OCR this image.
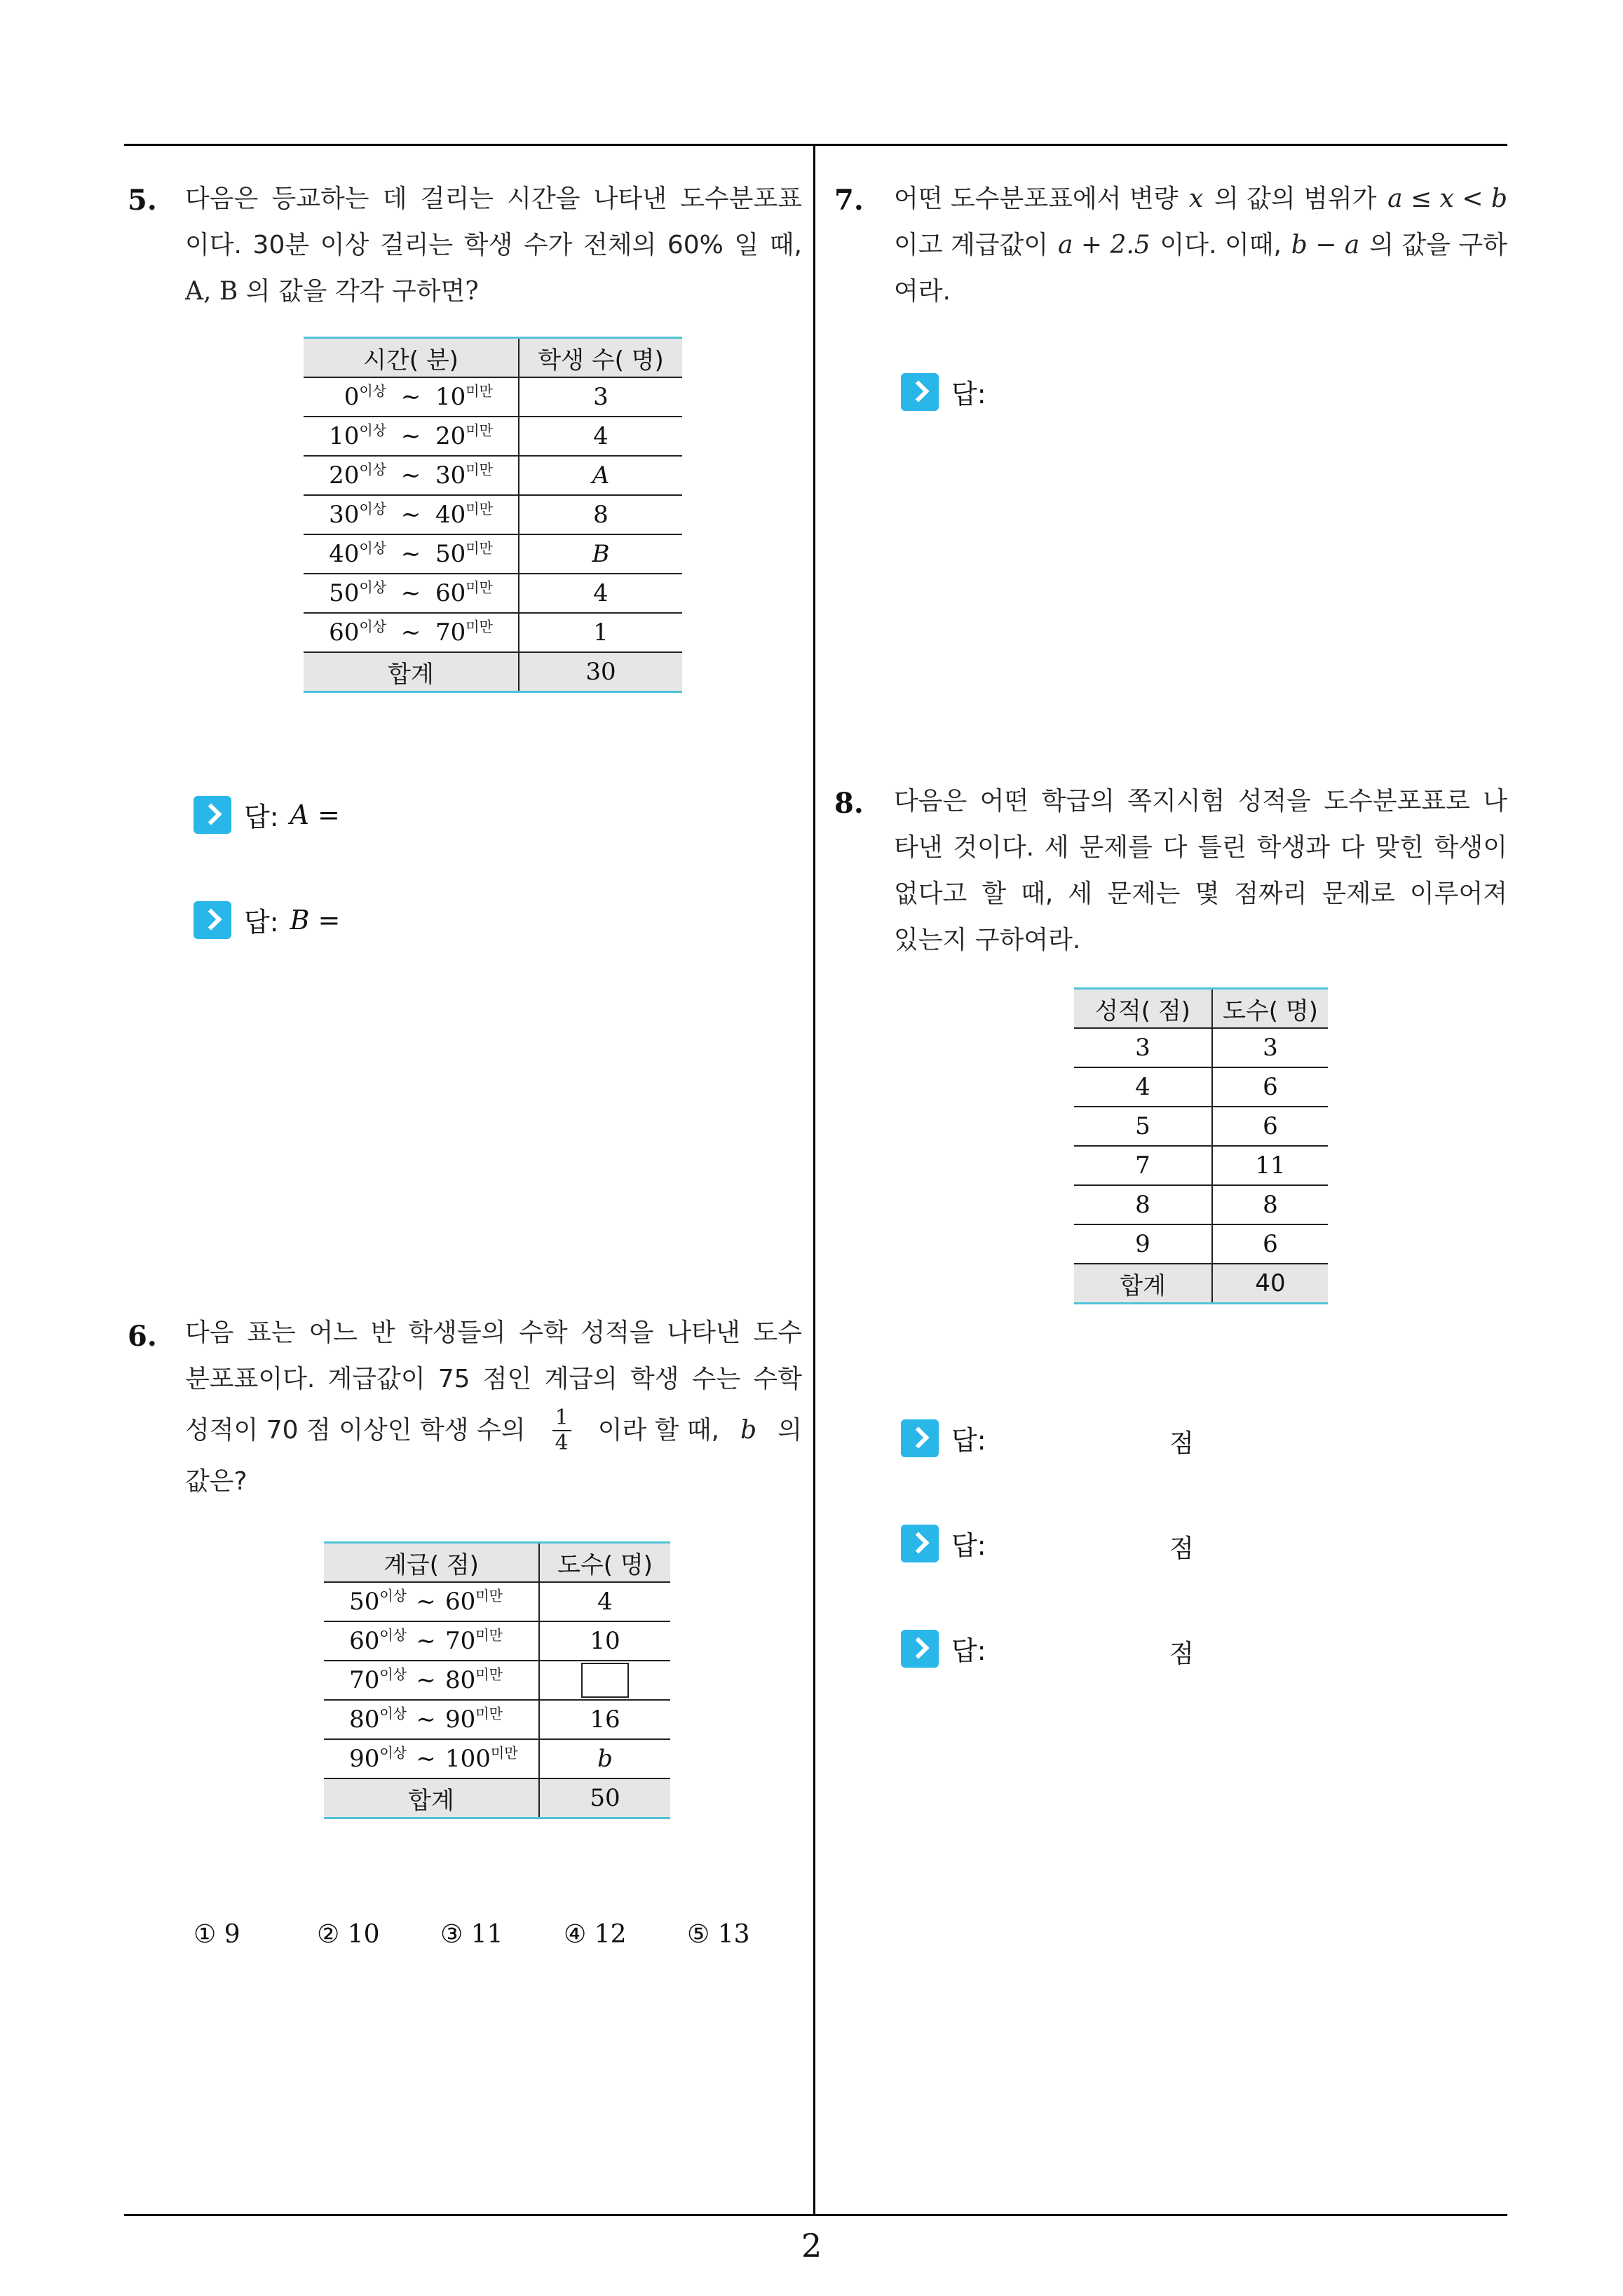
5. 다음은 등교하는 데 걸리는 시간을 나타낸 도수분포표
이다. 30분 이상 걸리는 학생 수가 전체의 60% 일 때,
A, B 의 값을 각각 구하면?
시간( 분)	학생 수( 명)

$0^{이상}$ ∼ $10^{미만}$	3

$10^{이상}$ ∼ $20^{미만}$	4

$20^{이상}$ ∼ $30^{미만}$	A

$30^{이상}$ ∼ $40^{미만}$	8

$40^{이상}$ ∼ $50^{미만}$	B

$50^{이상}$ ∼ $60^{미만}$	4

$60^{이상}$ ∼ $70^{미만}$	1
합계	30
답: A =
답: B =
6. 다음 표는 어느 반 학생들의 수학 성적을 나타낸 도수
분포표이다. 계급값이 75 점인 계급의 학생 수는 수학
성적이 70 점 이상인 학생 수의 $\frac{1}{4}$ 이라 할 때, b 의
값은?
계급( 점)	도수( 명)

$50^{이상}$ ∼ $60^{미만}$	4

$60^{이상}$ ∼ $70^{미만}$	10

$70^{이상}$ ∼ $80^{미만}$

$80^{이상}$ ∼ $90^{미만}$	16

$90^{이상}$ ∼ $100^{미만}$	b
합계	50
① 9	② 10	③ 11	④ 12	⑤ 13
7. 어떤 도수분포표에서 변량 x 의 값의 범위가 a ≤ x < b
이고 계급값이 a + 2.5 이다. 이때, b − a 의 값을 구하
여라.
답:
8. 다음은 어떤 학급의 쪽지시험 성적을 도수분포표로 나
타낸 것이다. 세 문제를 다 틀린 학생과 다 맞힌 학생이
없다고 할 때, 세 문제는 몇 점짜리 문제로 이루어져
있는지 구하여라.
성적( 점)	도수( 명)
3	3
4	6
5	6
7	11
8	8
9	6
합계	40
답:	점
답:	점
답:	점
2
